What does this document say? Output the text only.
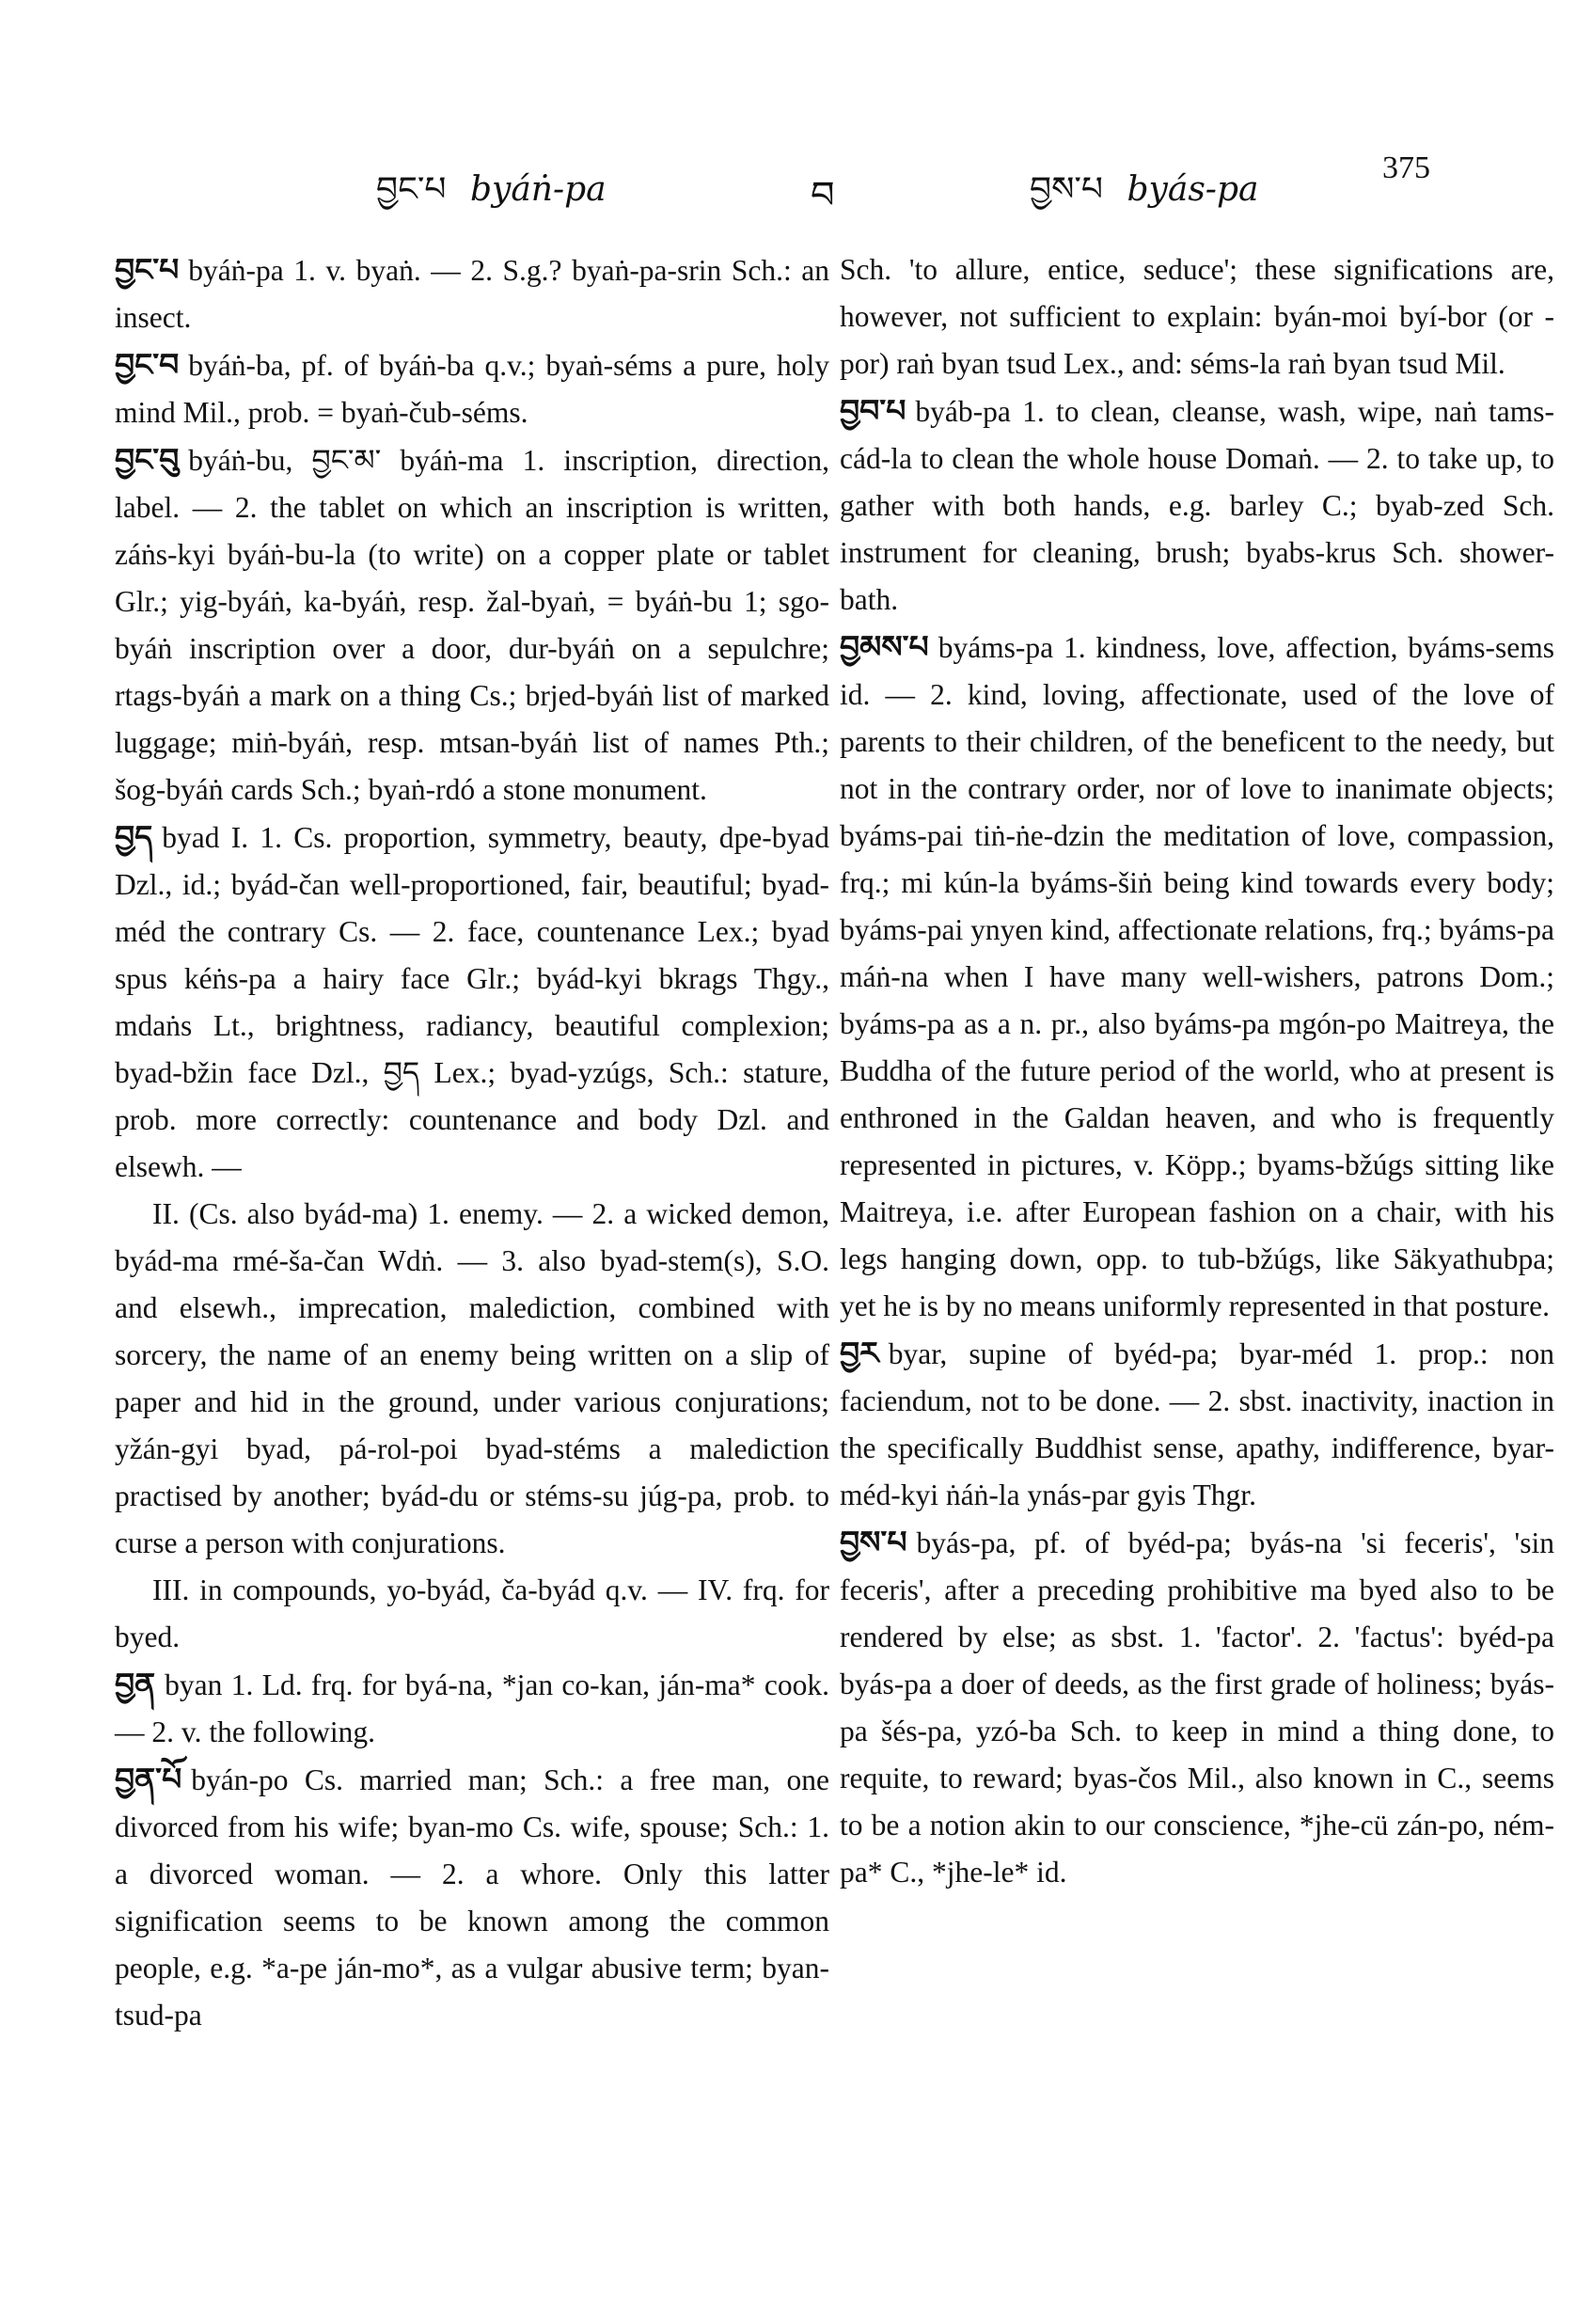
བྱང་པ byáṅ-pa	བ	བྱས་པ byás-pa
375
བྱང་པ byáṅ-pa 1. v. byaṅ. — 2. S.g.? byaṅ-pa-srin Sch.: an insect.
བྱང་བ byáṅ-ba, pf. of byáṅ-ba q.v.; byaṅ-séms a pure, holy mind Mil., prob. = byaṅ-čub-séms.
བྱང་བུ byáṅ-bu, བྱང་མ་ byáṅ-ma 1. inscription, direction, label. — 2. the tablet on which an inscription is written, záṅs-kyi byáṅ-bu-la (to write) on a copper plate or tablet Glr.; yig-byáṅ, ka-byáṅ, resp. žal-byaṅ, = byáṅ-bu 1; sgo-byáṅ inscription over a door, dur-byáṅ on a sepulchre; rtags-byáṅ a mark on a thing Cs.; brjed-byáṅ list of marked luggage; miṅ-byáṅ, resp. mtsan-byáṅ list of names Pth.; šog-byáṅ cards Sch.; byaṅ-rdó a stone monument.
བྱད byad I. 1. Cs. proportion, symmetry, beauty, dpe-byad Dzl., id.; byád-čan well-proportioned, fair, beautiful; byad-méd the contrary Cs. — 2. face, countenance Lex.; byad spus kéṅs-pa a hairy face Glr.; byád-kyi bkrags Thgy., mdaṅs Lt., brightness, radiancy, beautiful complexion; byad-bžin face Dzl., བྱད Lex.; byad-yzúgs, Sch.: stature, prob. more correctly: countenance and body Dzl. and elsewh. —
II. (Cs. also byád-ma) 1. enemy. — 2. a wicked demon, byád-ma rmé-ša-čan Wdṅ. — 3. also byad-stem(s), S.O. and elsewh., imprecation, malediction, combined with sorcery, the name of an enemy being written on a slip of paper and hid in the ground, under various conjurations; yžán-gyi byad, pá-rol-poi byad-stéms a malediction practised by another; byád-du or stéms-su júg-pa, prob. to curse a person with conjurations.
III. in compounds, yo-byád, ča-byád q.v. — IV. frq. for byed.
བྱན byan 1. Ld. frq. for byá-na, *jan co-kan, ján-ma* cook. — 2. v. the following.
བྱན་པོ byán-po Cs. married man; Sch.: a free man, one divorced from his wife; byan-mo Cs. wife, spouse; Sch.: 1. a divorced woman. — 2. a whore. Only this latter signification seems to be known among the common people, e.g. *a-pe ján-mo*, as a vulgar abusive term; byan-tsud-pa
Sch. 'to allure, entice, seduce'; these significations are, however, not sufficient to explain: byán-moi byí-bor (or -por) raṅ byan tsud Lex., and: séms-la raṅ byan tsud Mil.
བྱབ་པ byáb-pa 1. to clean, cleanse, wash, wipe, naṅ tams-cád-la to clean the whole house Domaṅ. — 2. to take up, to gather with both hands, e.g. barley C.; byab-zed Sch. instrument for cleaning, brush; byabs-krus Sch. shower-bath.
བྱམས་པ byáms-pa 1. kindness, love, affection, byáms-sems id. — 2. kind, loving, affectionate, used of the love of parents to their children, of the beneficent to the needy, but not in the contrary order, nor of love to inanimate objects; byáms-pai tiṅ-ṅe-dzin the meditation of love, compassion, frq.; mi kún-la byáms-šiṅ being kind towards every body; byáms-pai ynyen kind, affectionate relations, frq.; byáms-pa máṅ-na when I have many well-wishers, patrons Dom.; byáms-pa as a n. pr., also byáms-pa mgón-po Maitreya, the Buddha of the future period of the world, who at present is enthroned in the Galdan heaven, and who is frequently represented in pictures, v. Köpp.; byams-bžúgs sitting like Maitreya, i.e. after European fashion on a chair, with his legs hanging down, opp. to tub-bžúgs, like Säkyathubpa; yet he is by no means uniformly represented in that posture.
བྱར byar, supine of byéd-pa; byar-méd 1. prop.: non faciendum, not to be done. — 2. sbst. inactivity, inaction in the specifically Buddhist sense, apathy, indifference, byar-méd-kyi ṅáṅ-la ynás-par gyis Thgr.
བྱས་པ byás-pa, pf. of byéd-pa; byás-na 'si feceris', 'sin feceris', after a preceding prohibitive ma byed also to be rendered by else; as sbst. 1. 'factor'. 2. 'factus': byéd-pa byás-pa a doer of deeds, as the first grade of holiness; byás-pa šés-pa, yzó-ba Sch. to keep in mind a thing done, to requite, to reward; byas-čos Mil., also known in C., seems to be a notion akin to our conscience, *jhe-cü zán-po, ném-pa* C., *jhe-le* id.
